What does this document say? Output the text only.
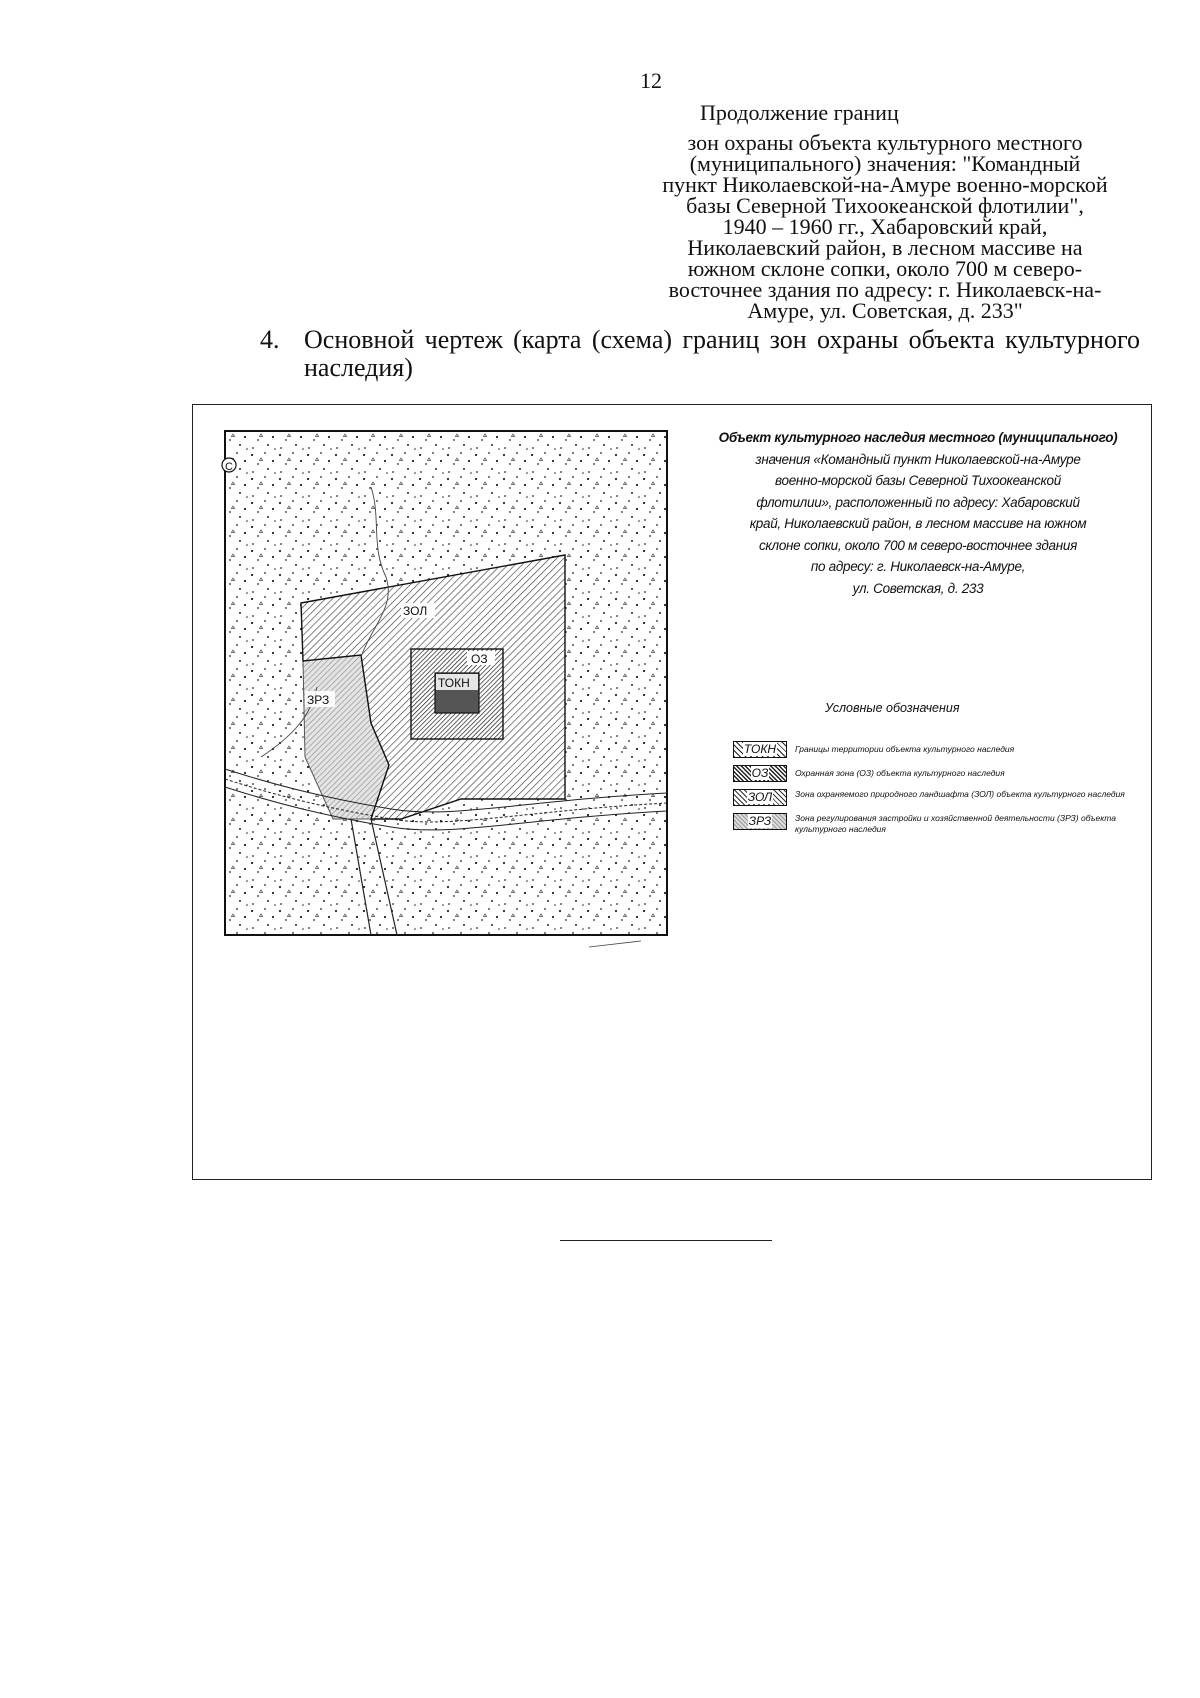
12
Продолжение границ
зон охраны объекта культурного местного
(муниципального) значения: "Командный
пункт Николаевской-на-Амуре военно-морской
базы Северной Тихоокеанской флотилии",
1940 – 1960 гг., Хабаровский край,
Николаевский район, в лесном массиве на
южном склоне сопки, около 700 м северо-
восточнее здания по адресу: г. Николаевск-на-
Амуре, ул. Советская, д. 233"
4. Основной чертеж (карта (схема) границ зон охраны объекта культурного наследия)
С
ЗОЛ
ОЗ
ТОКН
ЗРЗ
Объект культурного наследия местного (муниципального)
значения «Командный пункт Николаевской-на-Амуре
военно-морской базы Северной Тихоокеанской
флотилии», расположенный по адресу: Хабаровский
край, Николаевский район, в лесном массиве на южном
склоне сопки, около 700 м северо-восточнее здания
по адресу: г. Николаевск-на-Амуре,
ул. Советская, д. 233
Условные обозначения
ТОКН	Границы территории объекта культурного наследия
ОЗ	Охранная зона (ОЗ) объекта культурного наследия
ЗОЛ	Зона охраняемого природного ландшафта (ЗОЛ) объекта культурного наследия
ЗРЗ	Зона регулирования застройки и хозяйственной деятельности (ЗРЗ) объекта культурного наследия
